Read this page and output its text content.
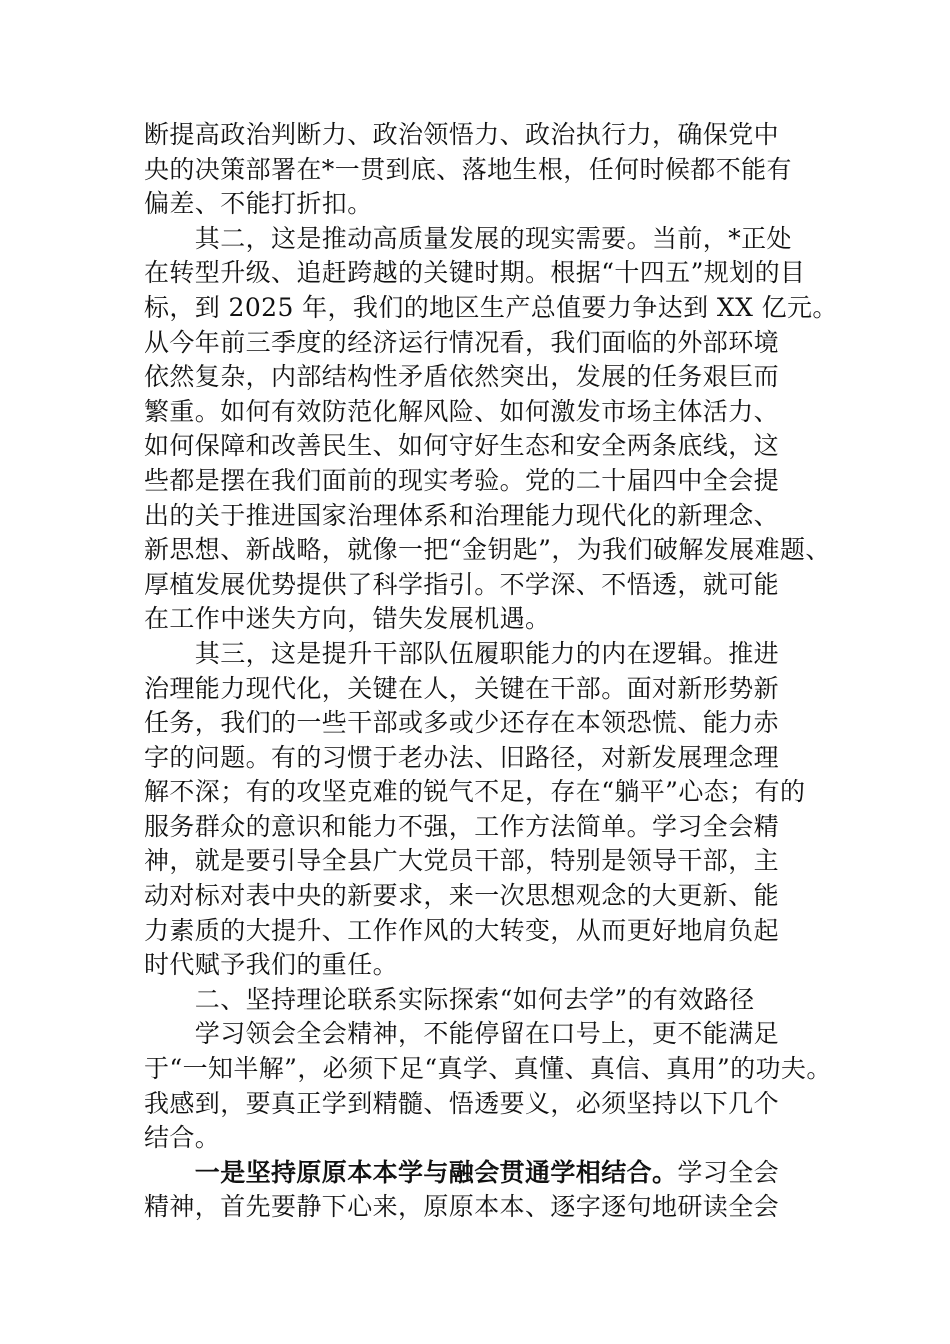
断提高政治判断力、政治领悟力、政治执行力，确保党中
央的决策部署在*一贯到底、落地生根，任何时候都不能有
偏差、不能打折扣。
　　其二，这是推动高质量发展的现实需要。当前，*正处
在转型升级、追赶跨越的关键时期。根据“十四五”规划的目
标，到 2025 年，我们的地区生产总值要力争达到 XX 亿元。
从今年前三季度的经济运行情况看，我们面临的外部环境
依然复杂，内部结构性矛盾依然突出，发展的任务艰巨而
繁重。如何有效防范化解风险、如何激发市场主体活力、
如何保障和改善民生、如何守好生态和安全两条底线，这
些都是摆在我们面前的现实考验。党的二十届四中全会提
出的关于推进国家治理体系和治理能力现代化的新理念、
新思想、新战略，就像一把“金钥匙”，为我们破解发展难题、
厚植发展优势提供了科学指引。不学深、不悟透，就可能
在工作中迷失方向，错失发展机遇。
　　其三，这是提升干部队伍履职能力的内在逻辑。推进
治理能力现代化，关键在人，关键在干部。面对新形势新
任务，我们的一些干部或多或少还存在本领恐慌、能力赤
字的问题。有的习惯于老办法、旧路径，对新发展理念理
解不深；有的攻坚克难的锐气不足，存在“躺平”心态；有的
服务群众的意识和能力不强，工作方法简单。学习全会精
神，就是要引导全县广大党员干部，特别是领导干部，主
动对标对表中央的新要求，来一次思想观念的大更新、能
力素质的大提升、工作作风的大转变，从而更好地肩负起
时代赋予我们的重任。
　　二、坚持理论联系实际探索“如何去学”的有效路径
　　学习领会全会精神，不能停留在口号上，更不能满足
于“一知半解”，必须下足“真学、真懂、真信、真用”的功夫。
我感到，要真正学到精髓、悟透要义，必须坚持以下几个
结合。
　　一是坚持原原本本学与融会贯通学相结合。学习全会
精神，首先要静下心来，原原本本、逐字逐句地研读全会
